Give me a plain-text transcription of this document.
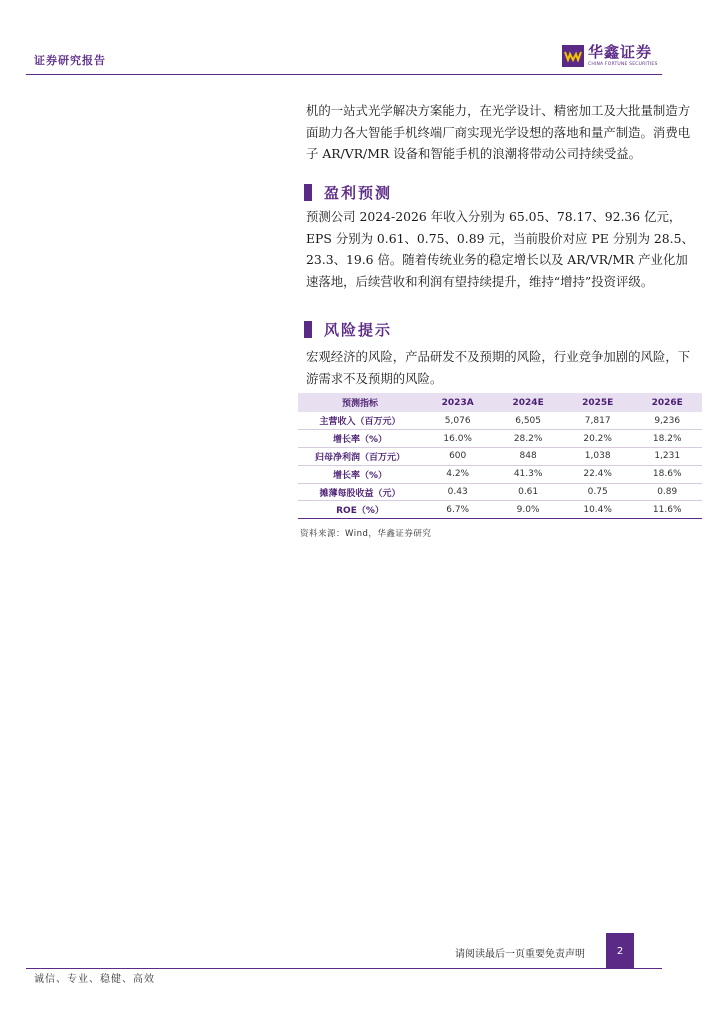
证券研究报告	华鑫证券
CHINA FORTUNE SECURITIES

机的一站式光学解决方案能力，在光学设计、精密加工及大批量制造方面助力各大智能手机终端厂商实现光学设想的落地和量产制造。消费电子 AR/VR/MR 设备和智能手机的浪潮将带动公司持续受益。

盈利预测

预测公司 2024-2026 年收入分别为 65.05、78.17、92.36 亿元，EPS 分别为 0.61、0.75、0.89 元，当前股价对应 PE 分别为 28.5、23.3、19.6 倍。随着传统业务的稳定增长以及 AR/VR/MR 产业化加速落地，后续营收和利润有望持续提升，维持“增持”投资评级。

风险提示

宏观经济的风险，产品研发不及预期的风险，行业竞争加剧的风险，下游需求不及预期的风险。

预测指标	2023A	2024E	2025E	2026E
主营收入（百万元）	5,076	6,505	7,817	9,236
增长率（%）	16.0%	28.2%	20.2%	18.2%
归母净利润（百万元）	600	848	1,038	1,231
增长率（%）	4.2%	41.3%	22.4%	18.6%
摊薄每股收益（元）	0.43	0.61	0.75	0.89
ROE（%）	6.7%	9.0%	10.4%	11.6%
资料来源：Wind，华鑫证券研究
请阅读最后一页重要免责声明	2
诚信、专业、稳健、高效
